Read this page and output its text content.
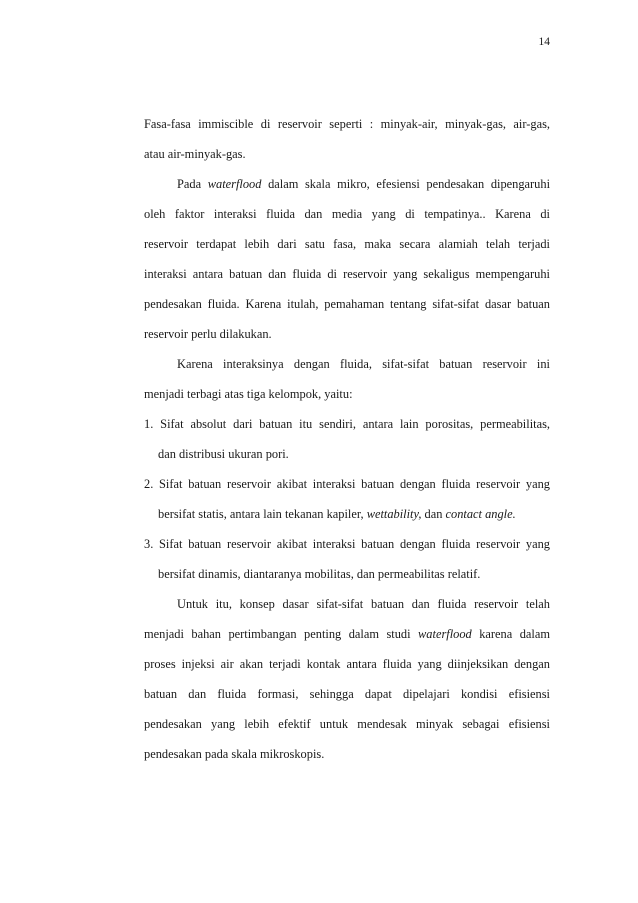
14
Fasa-fasa immiscible di reservoir seperti : minyak-air, minyak-gas, air-gas,
atau air-minyak-gas.
Pada waterflood dalam skala mikro, efesiensi pendesakan dipengaruhi
oleh faktor interaksi fluida dan media yang di tempatinya.. Karena di
reservoir terdapat lebih dari satu fasa, maka secara alamiah telah terjadi
interaksi antara batuan dan fluida di reservoir yang sekaligus mempengaruhi
pendesakan fluida. Karena itulah, pemahaman tentang sifat-sifat dasar batuan
reservoir perlu dilakukan.
Karena interaksinya dengan fluida, sifat-sifat batuan reservoir ini
menjadi terbagi atas tiga kelompok, yaitu:
1. Sifat absolut dari batuan itu sendiri, antara lain porositas, permeabilitas,
dan distribusi ukuran pori.
2. Sifat batuan reservoir akibat interaksi batuan dengan fluida reservoir yang
bersifat statis, antara lain tekanan kapiler, wettability, dan contact angle.
3. Sifat batuan reservoir akibat interaksi batuan dengan fluida reservoir yang
bersifat dinamis, diantaranya mobilitas, dan permeabilitas relatif.
Untuk itu, konsep dasar sifat-sifat batuan dan fluida reservoir telah
menjadi bahan pertimbangan penting dalam studi waterflood karena dalam
proses injeksi air akan terjadi kontak antara fluida yang diinjeksikan dengan
batuan dan fluida formasi, sehingga dapat dipelajari kondisi efisiensi
pendesakan yang lebih efektif untuk mendesak minyak sebagai efisiensi
pendesakan pada skala mikroskopis.
